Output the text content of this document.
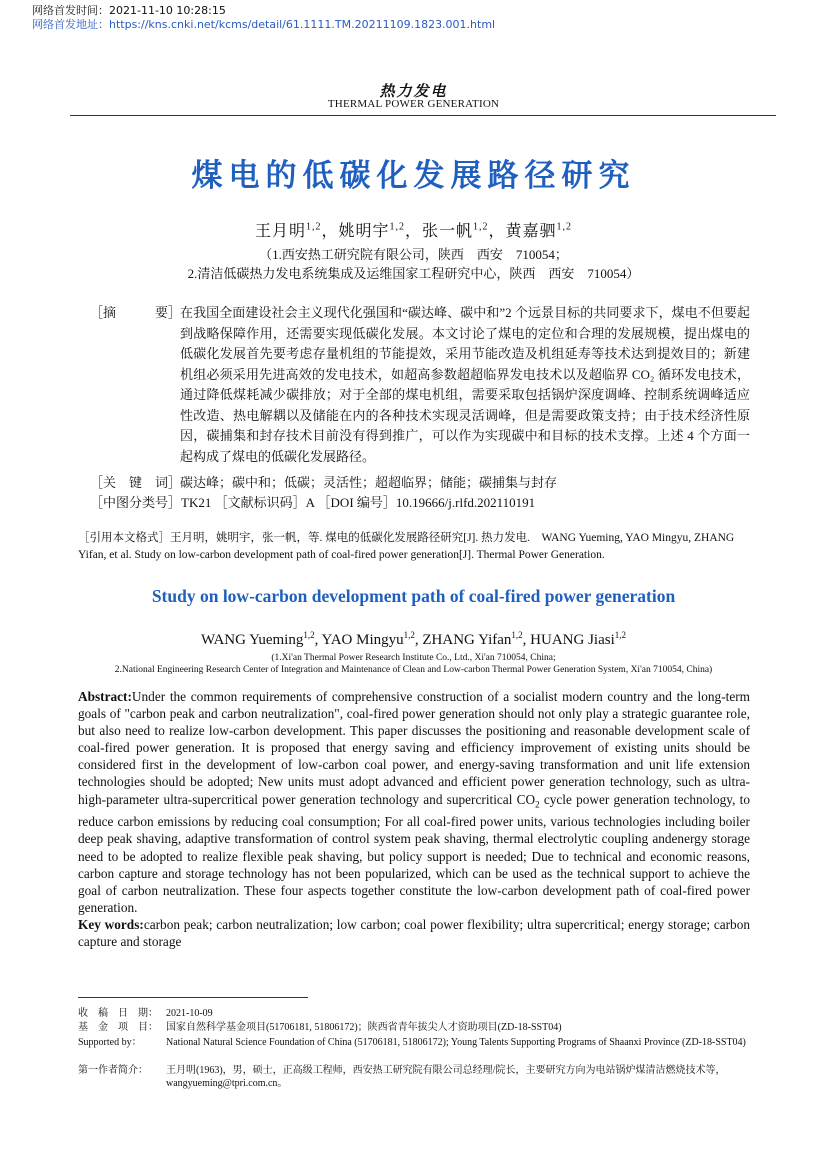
网络首发时间：2021-11-10 10:28:15
网络首发地址：https://kns.cnki.net/kcms/detail/61.1111.TM.20211109.1823.001.html
热力发电
THERMAL POWER GENERATION
煤电的低碳化发展路径研究
王月明$^{1,2}$，姚明宇$^{1,2}$，张一帆$^{1,2}$，黄嘉驷$^{1,2}$
（1.西安热工研究院有限公司，陕西　西安　710054；
2.清洁低碳热力发电系统集成及运维国家工程研究中心，陕西　西安　710054）
［摘　　　要］
在我国全面建设社会主义现代化强国和“碳达峰、碳中和”2 个远景目标的共同要求下，煤电不但要起到战略保障作用，还需要实现低碳化发展。本文讨论了煤电的定位和合理的发展规模，提出煤电的低碳化发展首先要考虑存量机组的节能提效，采用节能改造及机组延寿等技术达到提效目的；新建机组必须采用先进高效的发电技术，如超高参数超超临界发电技术以及超临界 CO₂ 循环发电技术，通过降低煤耗减少碳排放；对于全部的煤电机组，需要采取包括锅炉深度调峰、控制系统调峰适应性改造、热电解耦以及储能在内的各种技术实现灵活调峰，但是需要政策支持；由于技术经济性原因，碳捕集和封存技术目前没有得到推广，可以作为实现碳中和目标的技术支撑。上述 4 个方面一起构成了煤电的低碳化发展路径。
［关　键　词］
碳达峰；碳中和；低碳；灵活性；超超临界；储能；碳捕集与封存
［中图分类号］TK21 ［文献标识码］A ［DOI 编号］10.19666/j.rlfd.202110191
［引用本文格式］王月明，姚明宇，张一帆，等. 煤电的低碳化发展路径研究[J]. 热力发电. WANG Yueming, YAO Mingyu, ZHANG Yifan, et al. Study on low-carbon development path of coal-fired power generation[J]. Thermal Power Generation.
Study on low-carbon development path of coal-fired power generation
WANG Yueming$^{1,2}$, YAO Mingyu$^{1,2}$, ZHANG Yifan$^{1,2}$, HUANG Jiasi$^{1,2}$
(1.Xi'an Thermal Power Research Institute Co., Ltd., Xi'an 710054, China;
2.National Engineering Research Center of Integration and Maintenance of Clean and Low-carbon Thermal Power Generation System, Xi'an 710054, China)
Abstract:Under the common requirements of comprehensive construction of a socialist modern country and the long-term goals of "carbon peak and carbon neutralization", coal-fired power generation should not only play a strategic guarantee role, but also need to realize low-carbon development. This paper discusses the positioning and reasonable development scale of coal-fired power generation. It is proposed that energy saving and efficiency improvement of existing units should be considered first in the development of low-carbon coal power, and energy-saving transformation and unit life extension technologies should be adopted; New units must adopt advanced and efficient power generation technology, such as ultra-high-parameter ultra-supercritical power generation technology and supercritical $CO_2$ cycle power generation technology, to reduce carbon emissions by reducing coal consumption; For all coal-fired power units, various technologies including boiler deep peak shaving, adaptive transformation of control system peak shaving, thermal electrolytic coupling andenergy storage need to be adopted to realize flexible peak shaving, but policy support is needed; Due to technical and economic reasons, carbon capture and storage technology has not been popularized, which can be used as the technical support to achieve the goal of carbon neutralization. These four aspects together constitute the low-carbon development path of coal-fired power generation.
Key words:carbon peak; carbon neutralization; low carbon; coal power flexibility; ultra supercritical; energy storage; carbon capture and storage
收　稿　日　期： 2021-10-09
基　金　项　目： 国家自然科学基金项目(51706181, 51806172)；陕西省青年拔尖人才资助项目(ZD-18-SST04)
Supported by： National Natural Science Foundation of China (51706181, 51806172); Young Talents Supporting Programs of Shaanxi Province (ZD-18-SST04)
第一作者简介： 王月明(1963)，男，硕士，正高级工程师，西安热工研究院有限公司总经理/院长，主要研究方向为电站锅炉煤清洁燃烧技术等，wangyueming@tpri.com.cn。
